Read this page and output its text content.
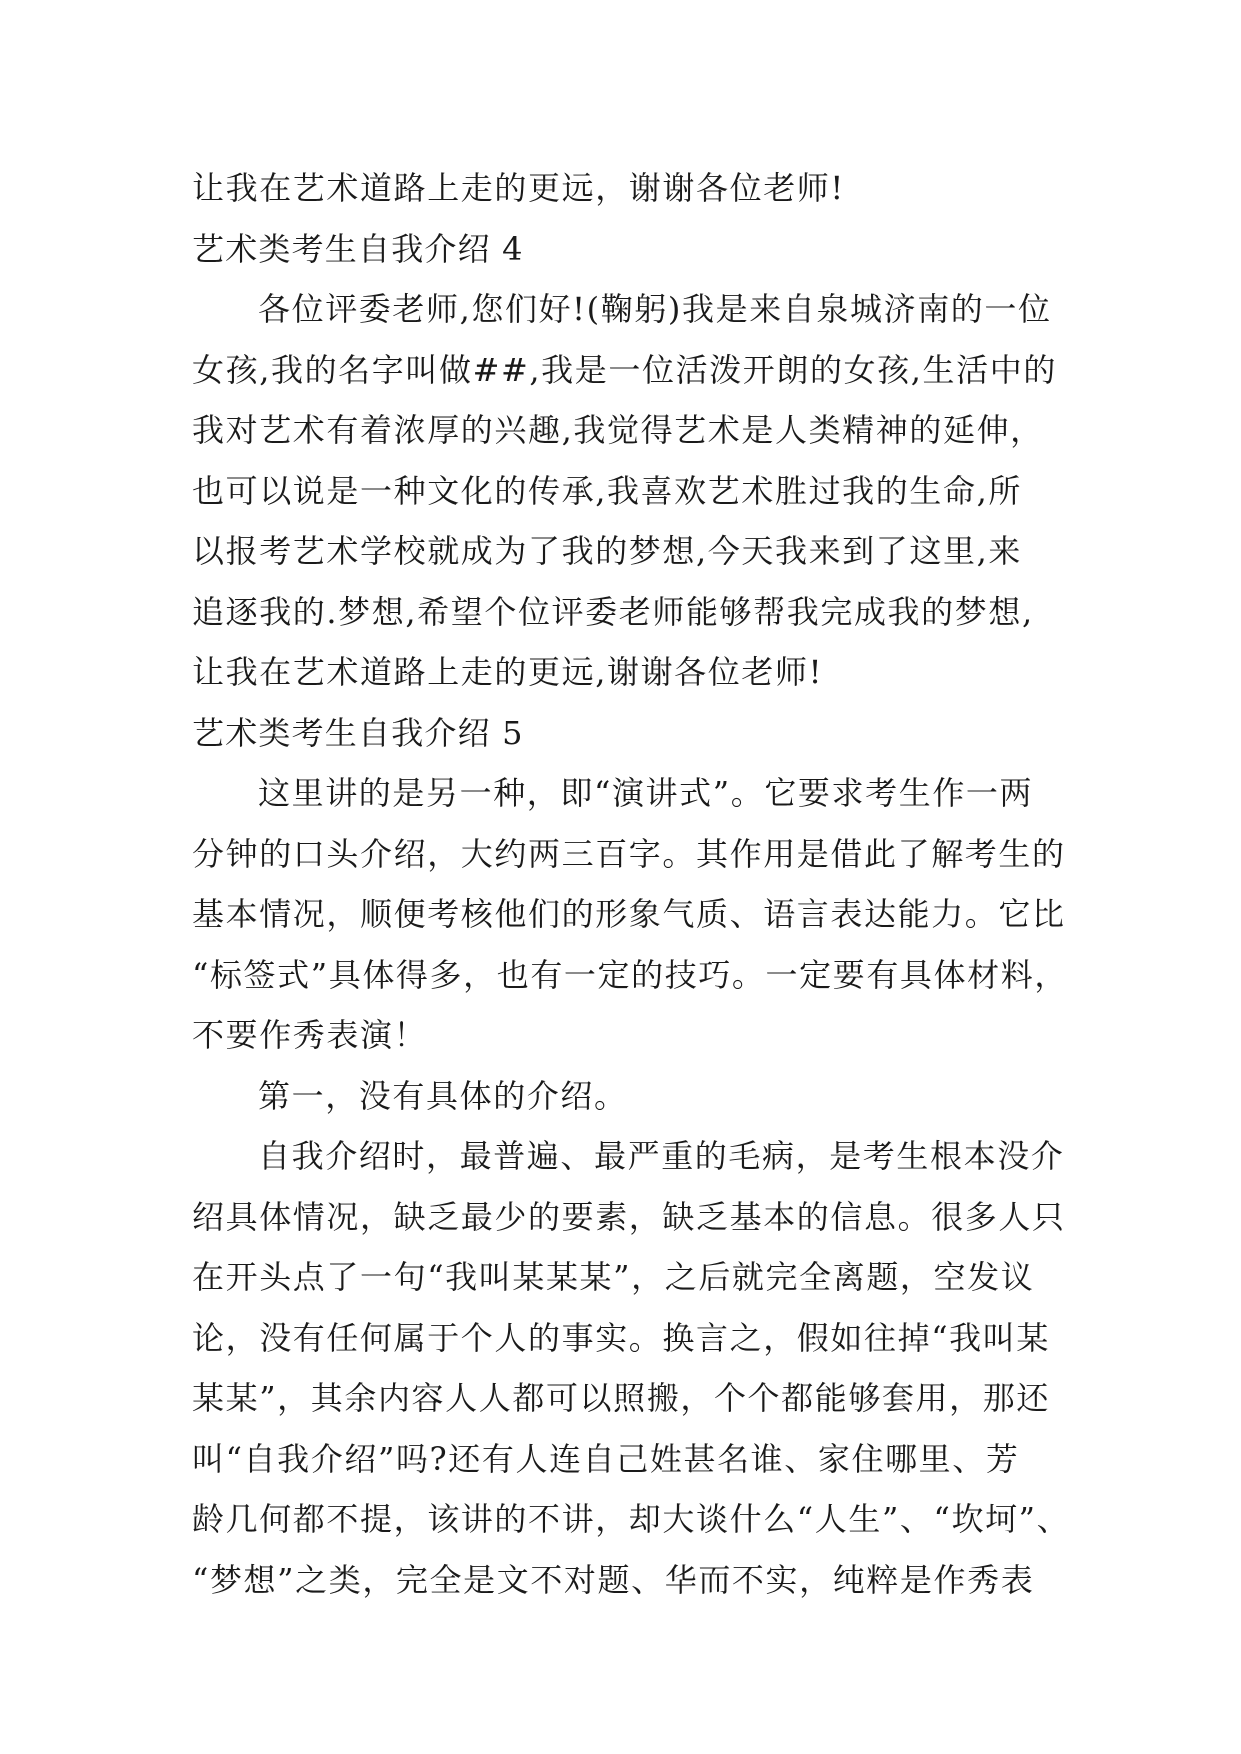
让我在艺术道路上走的更远，谢谢各位老师!
艺术类考生自我介绍 4
各位评委老师,您们好!(鞠躬)我是来自泉城济南的一位
女孩,我的名字叫做##,我是一位活泼开朗的女孩,生活中的
我对艺术有着浓厚的兴趣,我觉得艺术是人类精神的延伸，
也可以说是一种文化的传承,我喜欢艺术胜过我的生命,所
以报考艺术学校就成为了我的梦想,今天我来到了这里,来
追逐我的.梦想,希望个位评委老师能够帮我完成我的梦想,
让我在艺术道路上走的更远,谢谢各位老师!
艺术类考生自我介绍 5
这里讲的是另一种，即“演讲式”。它要求考生作一两
分钟的口头介绍，大约两三百字。其作用是借此了解考生的
基本情况，顺便考核他们的形象气质、语言表达能力。它比
“标签式”具体得多，也有一定的技巧。一定要有具体材料，
不要作秀表演！
第一，没有具体的介绍。
自我介绍时，最普遍、最严重的毛病，是考生根本没介
绍具体情况，缺乏最少的要素，缺乏基本的信息。很多人只
在开头点了一句“我叫某某某”，之后就完全离题，空发议
论，没有任何属于个人的事实。换言之，假如往掉“我叫某
某某”，其余内容人人都可以照搬，个个都能够套用，那还
叫“自我介绍”吗?还有人连自己姓甚名谁、家住哪里、芳
龄几何都不提，该讲的不讲，却大谈什么“人生”、“坎坷”、
“梦想”之类，完全是文不对题、华而不实，纯粹是作秀表
